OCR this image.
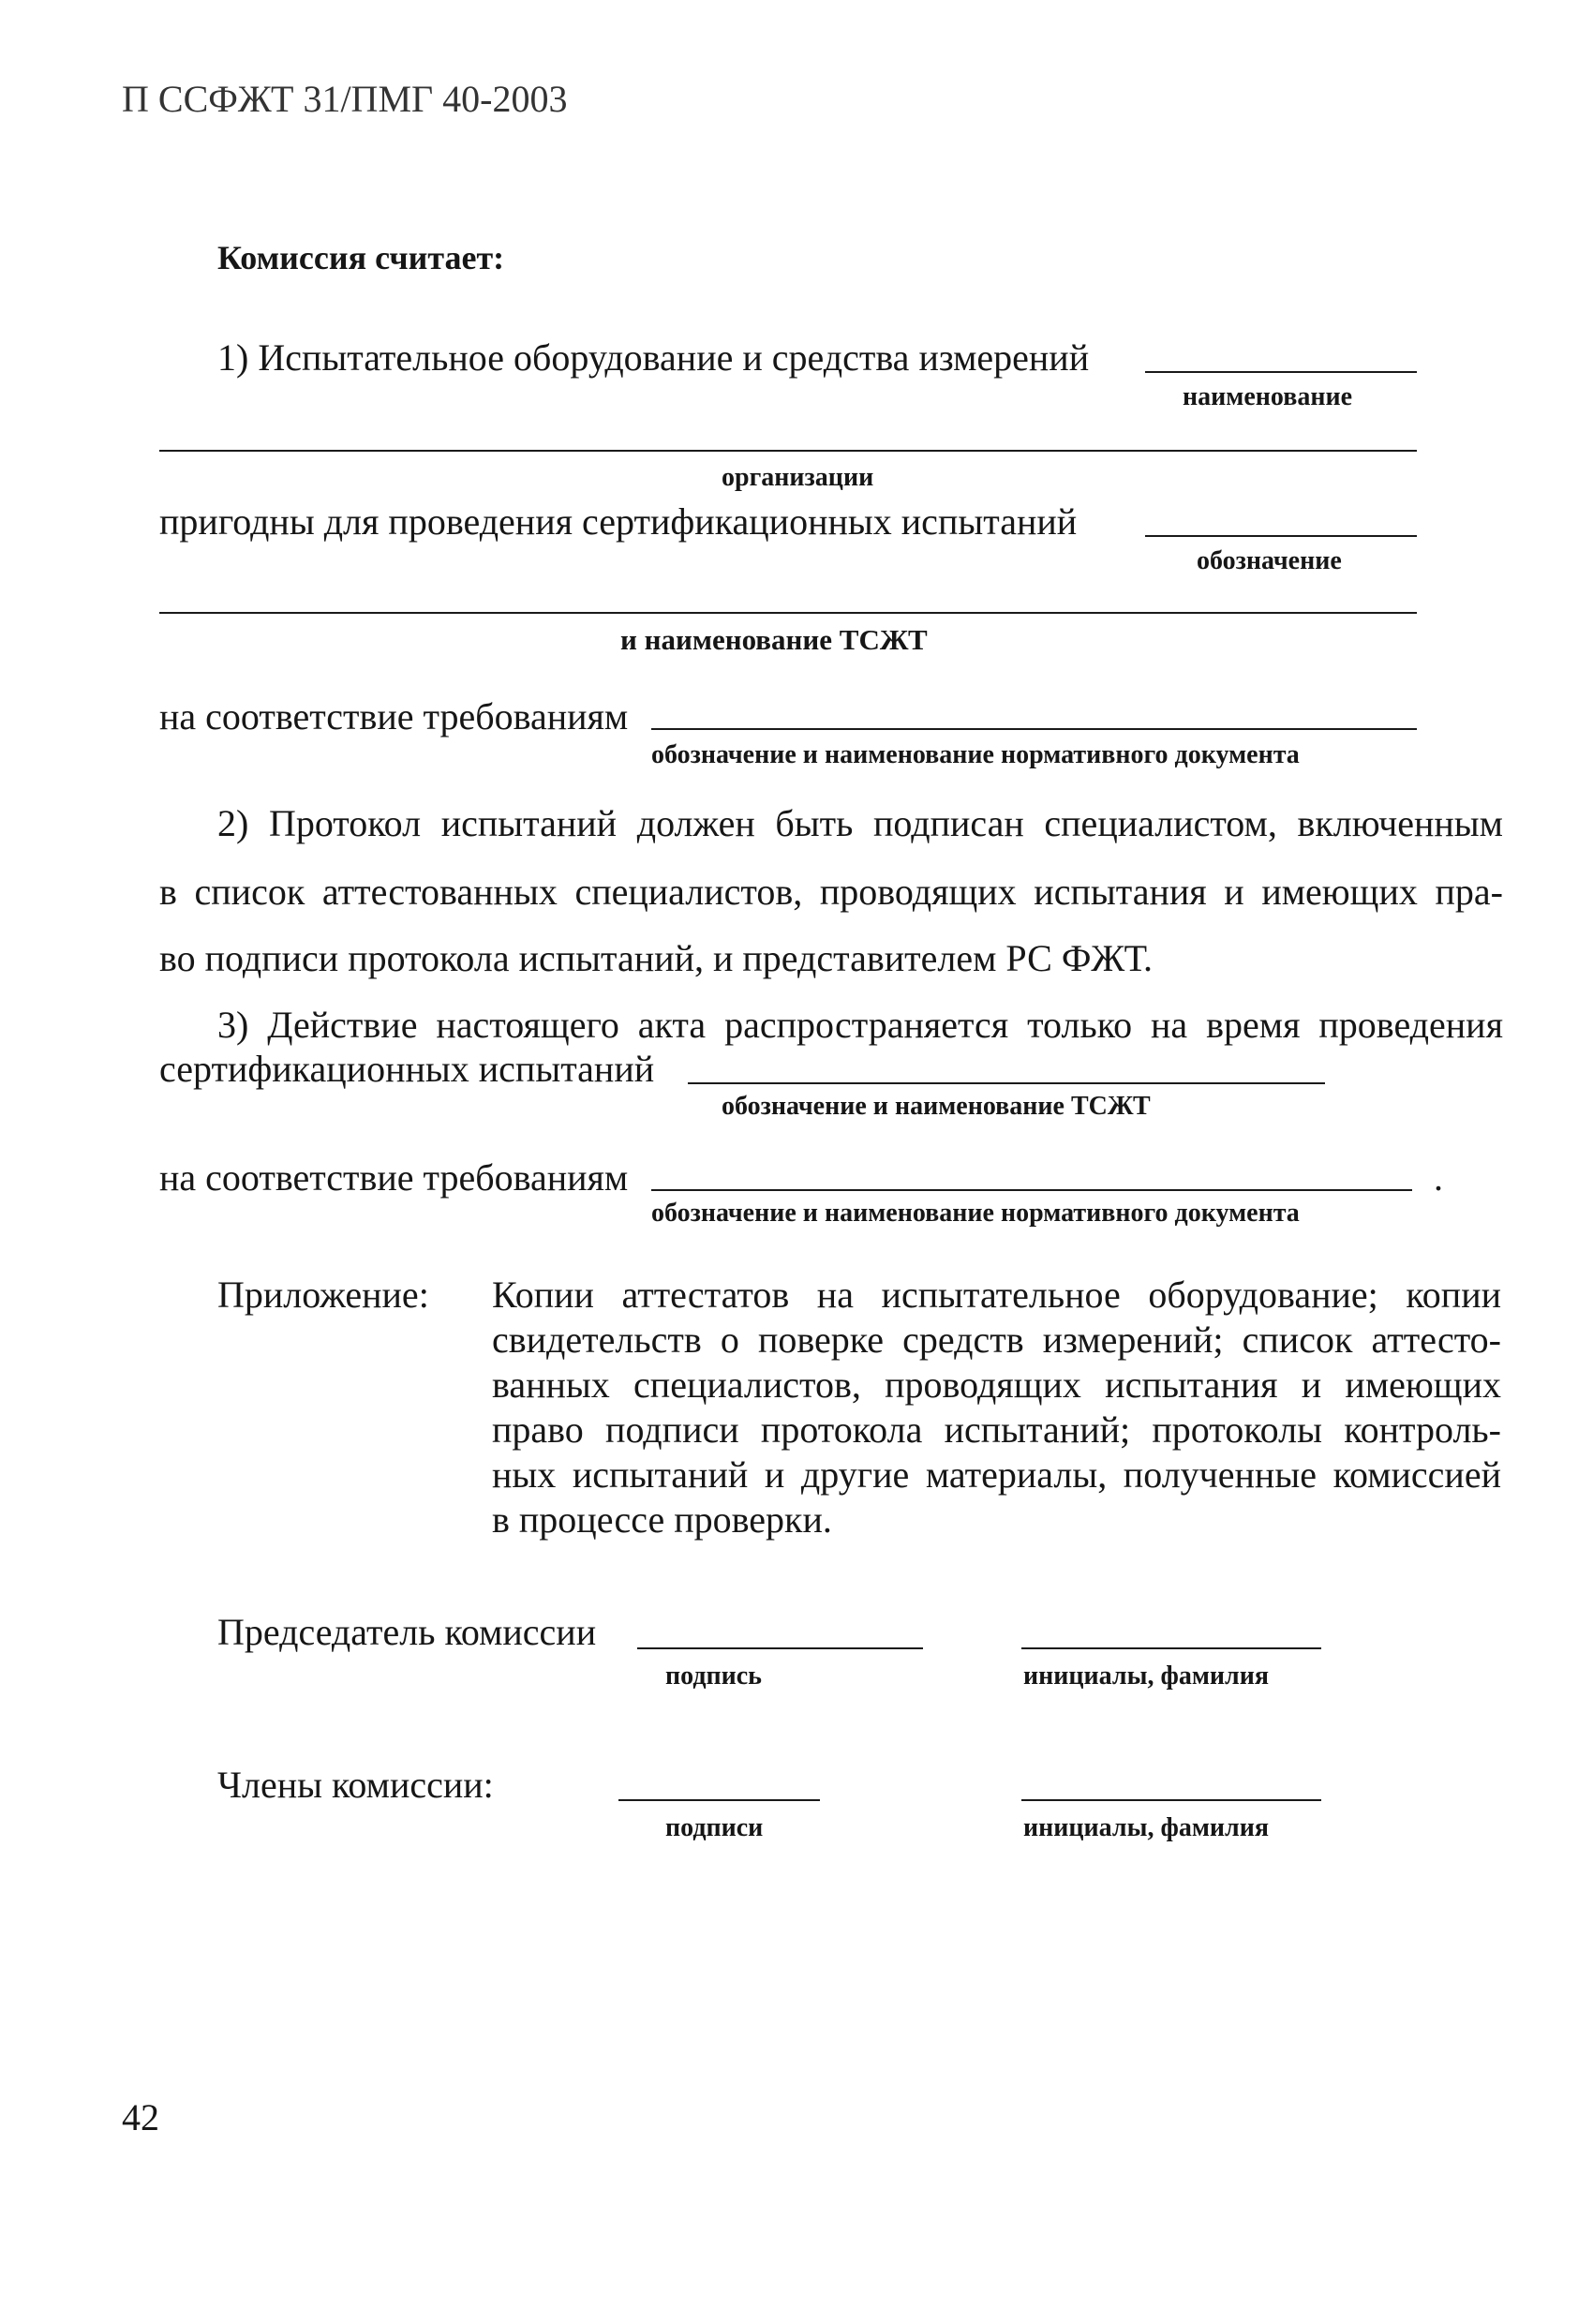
П ССФЖТ 31/ПМГ 40-2003
Комиссия считает:
1) Испытательное оборудование и средства измерений
наименование
организации
пригодны для проведения сертификационных испытаний
обозначение
и наименование ТСЖТ
на соответствие требованиям
обозначение и наименование нормативного документа
2) Протокол испытаний должен быть подписан специалистом, включенным
в список аттестованных специалистов, проводящих испытания и имеющих пра-
во подписи протокола испытаний, и представителем РС ФЖТ.
3) Действие настоящего акта распространяется только на время проведения
сертификационных испытаний
обозначение и наименование ТСЖТ
на соответствие требованиям	.
обозначение и наименование нормативного документа
Приложение: Копии аттестатов на испытательное оборудование; копии
свидетельств о поверке средств измерений; список аттесто-
ванных специалистов, проводящих испытания и имеющих
право подписи протокола испытаний; протоколы контроль-
ных испытаний и другие материалы, полученные комиссией
в процессе проверки.
Председатель комиссии
подпись	инициалы, фамилия
Члены комиссии:
подписи	инициалы, фамилия
42
